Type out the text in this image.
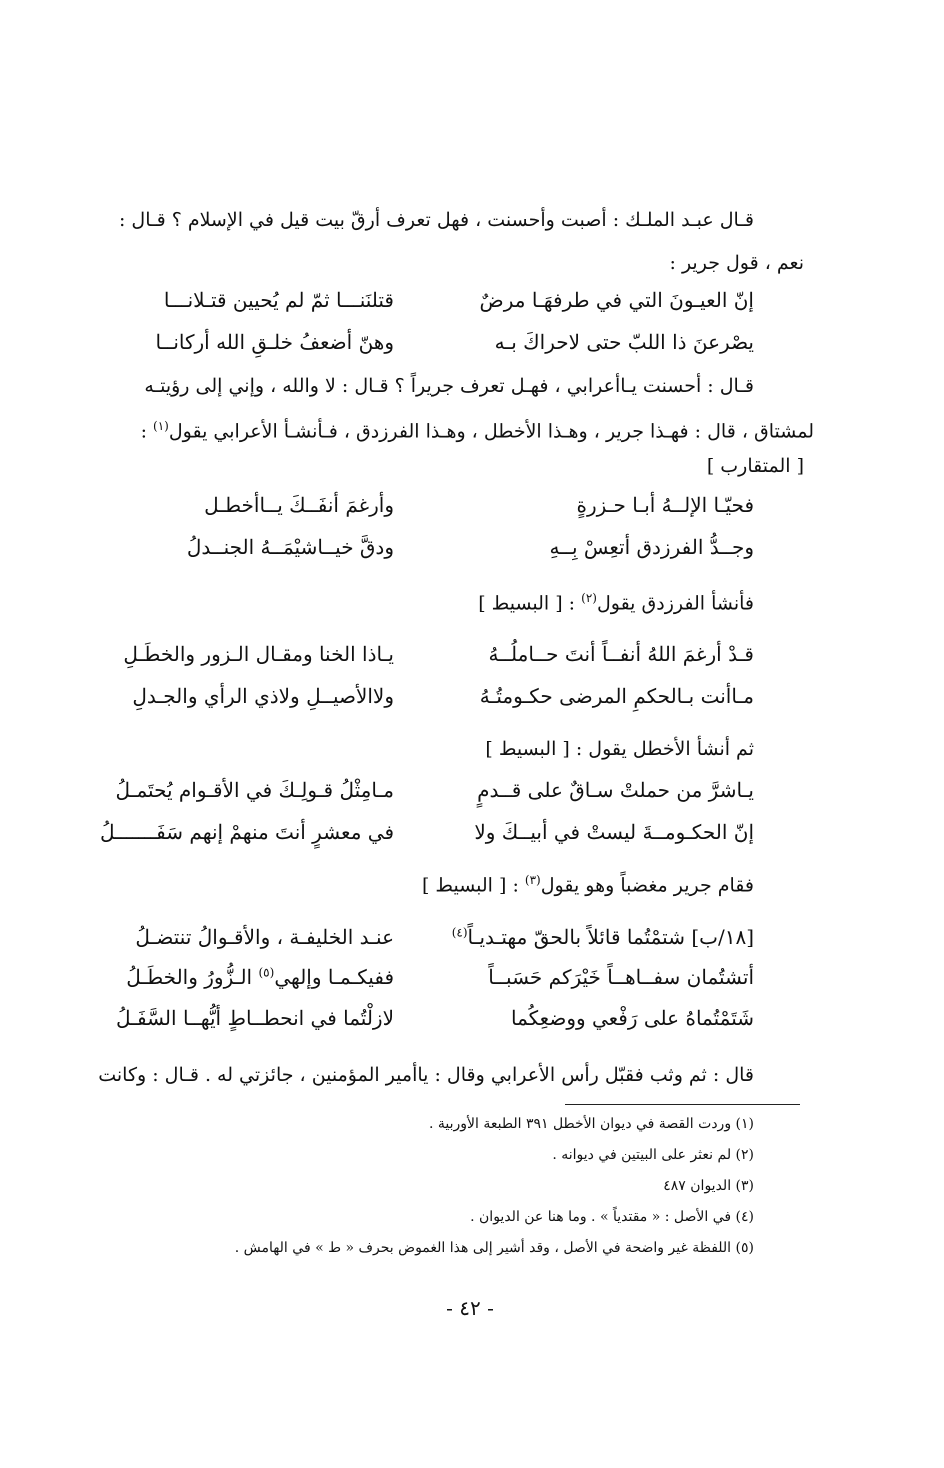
قـال عبـد الملـك : أصبت وأحسنت ، فهل تعرف أرقّ بيت قيل في الإسلام ؟ قـال :
نعم ، قول جرير :
إنّ العيـونَ التي في طرفهَـا مرضٌ
قتلنَنـــا ثمّ لم يُحيين قتـلانـــا
يصْرعنَ ذا اللبّ حتى لاحراكَ بـه
وهنّ أضعفُ خلـقِ الله أركانــا
قـال : أحسنت يـاأعرابي ، فهـل تعرف جريراً ؟ قـال : لا والله ، وإني إلى رؤيتـه
لمشتاق ، قال : فهـذا جرير ، وهـذا الأخطل ، وهـذا الفرزدق ، فـأنشـأ الأعرابي يقول$^{(١)}$ :
[ المتقارب ]
فحيّـا الإلــهُ أبـا حـزرةٍ
وأرغمَ أنفَــكَ يــاأخطـل
وجــدُّ الفرزدق أتعِسْ بِــهِ
ودقَّ خيــاشيْمَــهُ الجنــدلُ
فأنشأ الفرزدق يقول$^{(٢)}$ : [ البسيط ]
قـدْ أرغمَ اللهُ أنفــاً أنتَ حــاملُــهُ
يـاذا الخنا ومقـال الـزور والخطَـلِ
مـاأنت بـالحكمِ المرضى حكـومتُـهُ
ولاالأصيــلِ ولاذي الرأي والجـدلِ
ثم أنشأ الأخطل يقول : [ البسيط ]
يـاشرَّ من حملتْ سـاقٌ على قــدمٍ
مـامِثْلُ قـولِـكَ في الأقـوام يُحتَمـلُ
إنّ الحكـومــةَ ليستْ في أبيــكَ ولا
في معشرٍ أنتَ منهمْ إنهم سَفَـــــــلُ
فقام جرير مغضباً وهو يقول$^{(٣)}$ : [ البسيط ]
[١٨/ب] شتمْتُما قائلاً بالحقّ مهتـديـاً$^{(٤)}$
عنـد الخليفـة ، والأقـوالُ تنتضـلُ
أتشتُمان سفــاهــاً خَيْرَكم حَسَبــاً
ففيكـمـا وإلهي$^{(٥)}$ الـزُّورُ والخطَـلُ
شَتَمْتُماهُ على رَفْعي ووضعِكُما
لازلْتُما في انحطــاطٍ أيُّهــا السَّفَـلُ
قال : ثم وثب فقبّل رأس الأعرابي وقال : ياأمير المؤمنين ، جائزتي له . قـال : وكانت
(١) وردت القصة في ديوان الأخطل ٣٩١ الطبعة الأوربية .
(٢) لم نعثر على البيتين في ديوانه .
(٣) الديوان ٤٨٧
(٤) في الأصل : « مقتدياً » . وما هنا عن الديوان .
(٥) اللفظة غير واضحة في الأصل ، وقد أشير إلى هذا الغموض بحرف « ط » في الهامش .
- ٤٢ -
